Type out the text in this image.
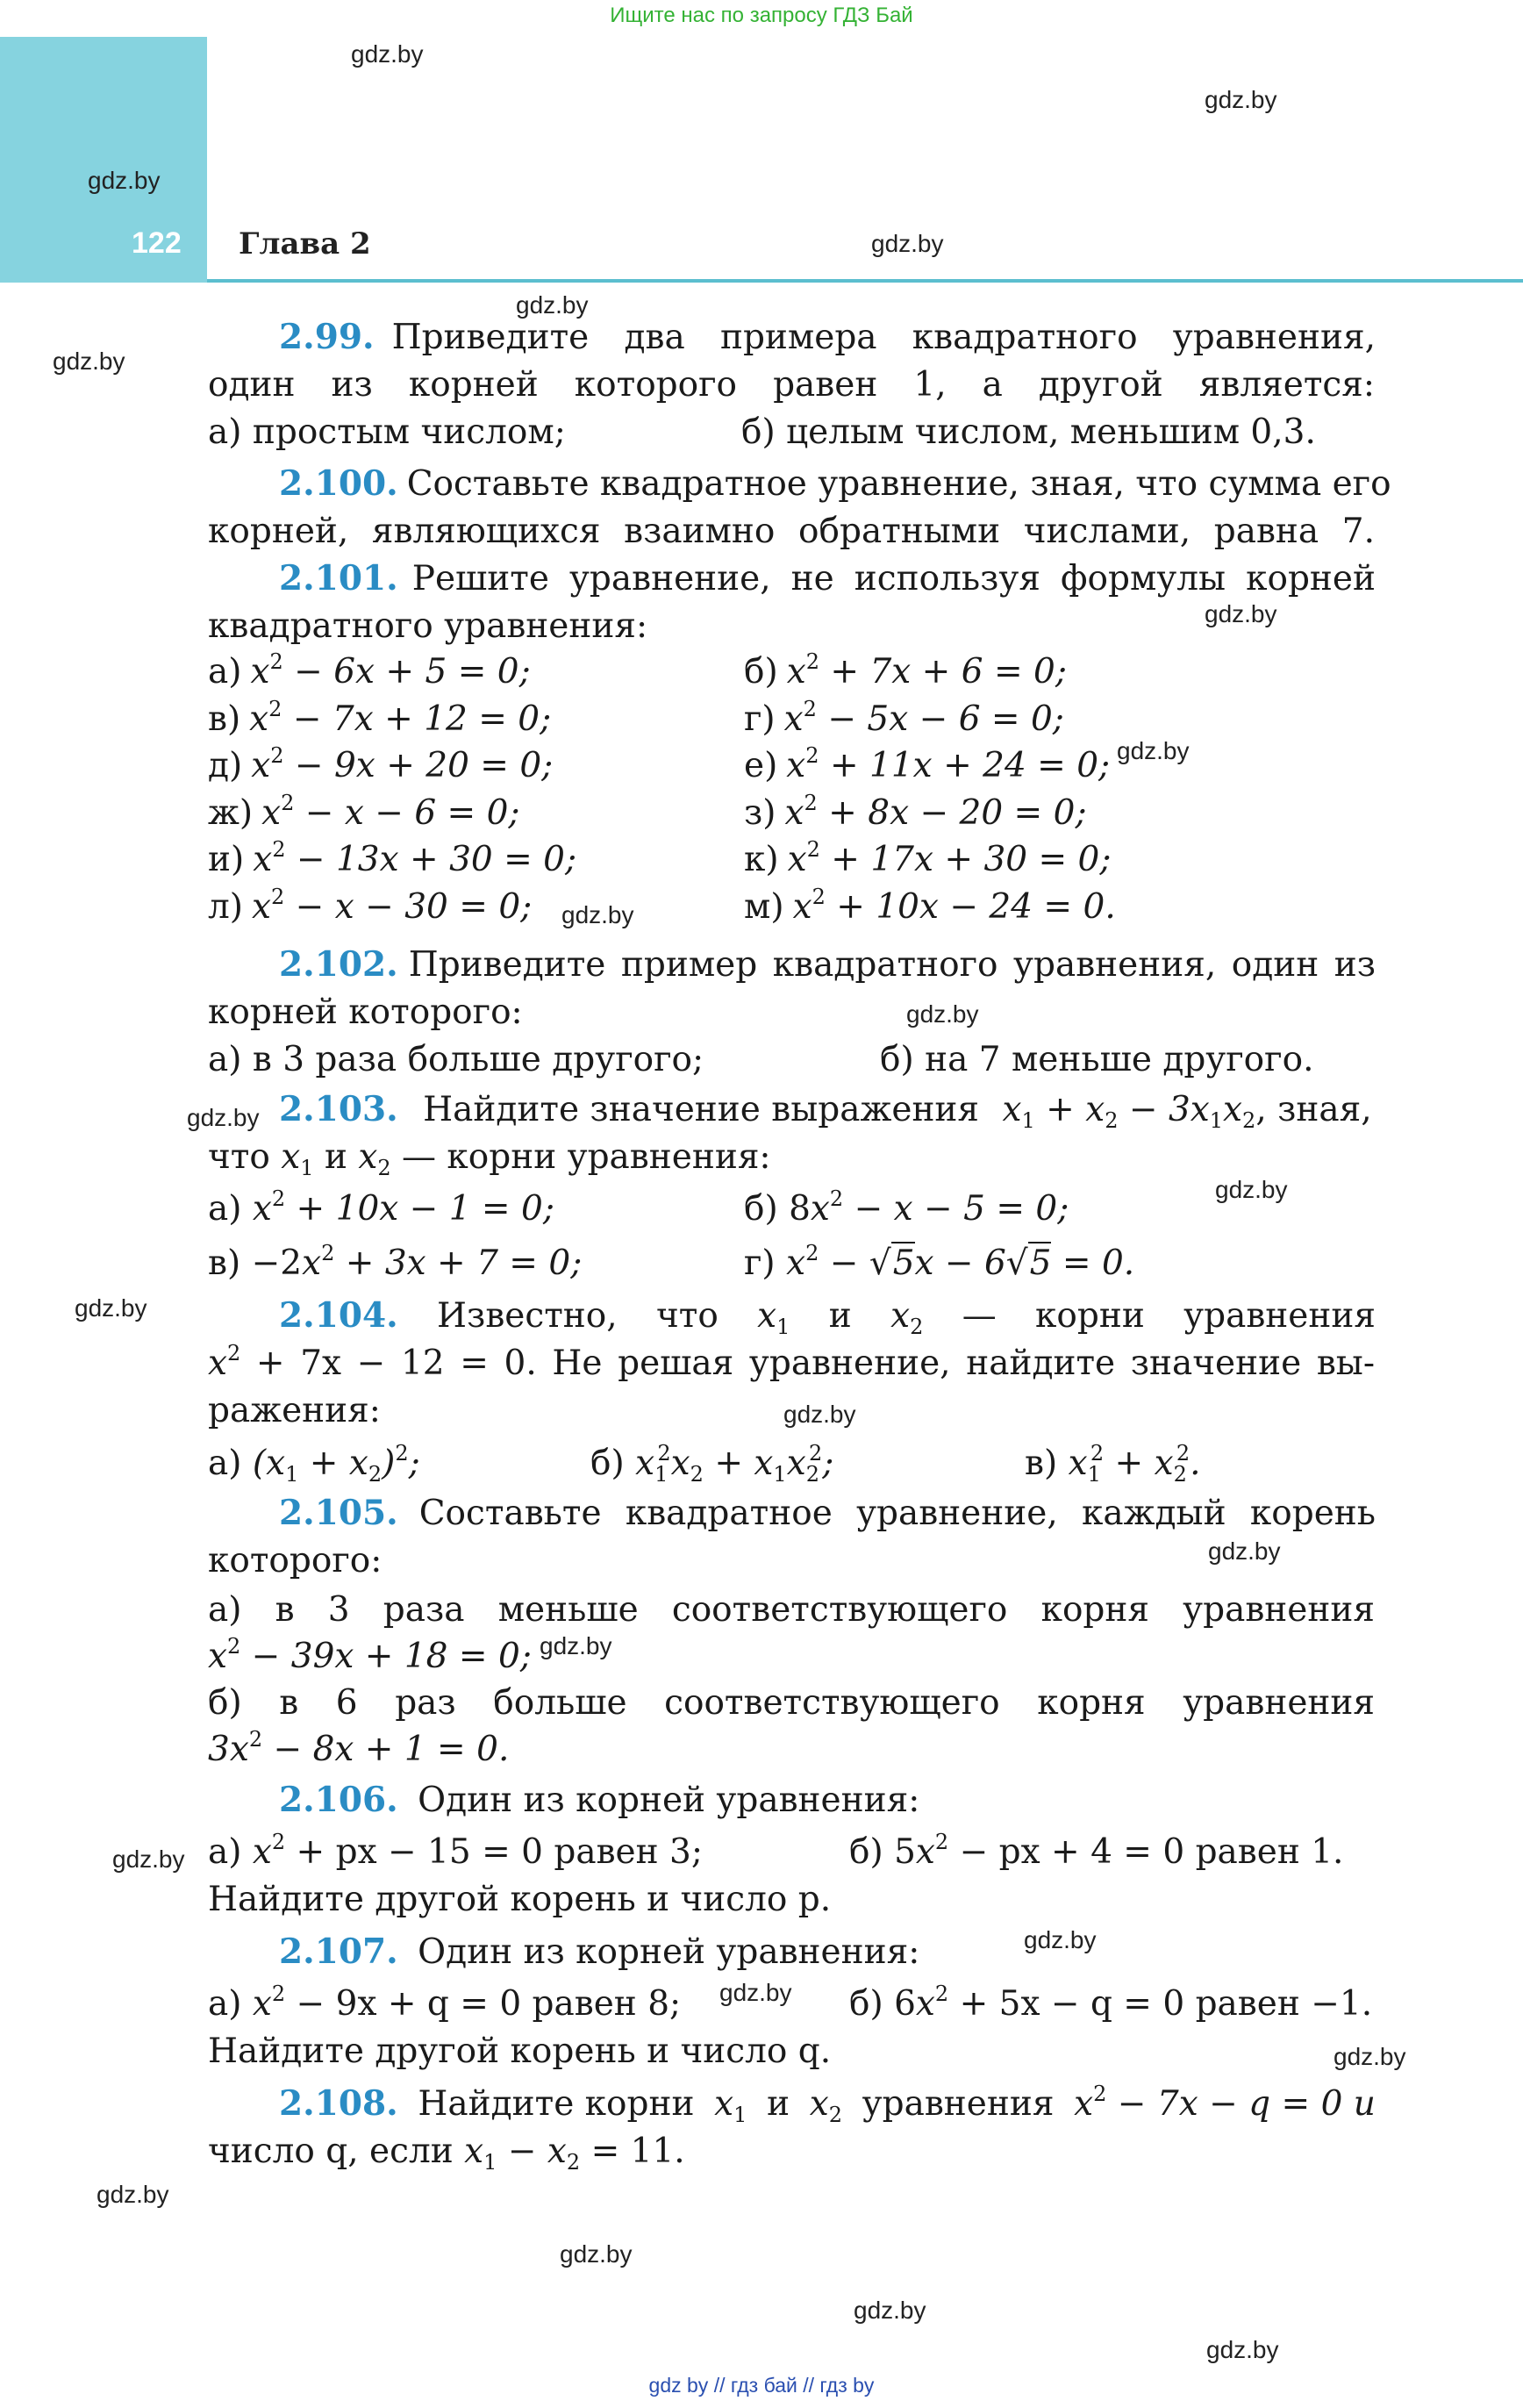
Ищите нас по запросу ГДЗ Бай
122 Глава 2
gdz.by
gdz.by
gdz.by
gdz.by
gdz.by
gdz.by
gdz.by
gdz.by
gdz.by
gdz.by
gdz.by
gdz.by
gdz.by
gdz.by
gdz.by
gdz.by
gdz.by
gdz.by
gdz.by
gdz.by
gdz.by
gdz.by
gdz.by
gdz.by
2.99. Приведите два примера квадратного уравнения,
один из корней которого равен 1, а другой является:
а) простым числом;	б) целым числом, меньшим 0,3.
2.100. Составьте квадратное уравнение, зная, что сумма его
корней, являющихся взаимно обратными числами, равна 7.
2.101. Решите уравнение, не используя формулы корней
квадратного уравнения:
а) $x^2 - 6x + 5 = 0$;	б) $x^2 + 7x + 6 = 0$;
в) $x^2 - 7x + 12 = 0$;	г) $x^2 - 5x - 6 = 0$;
д) $x^2 - 9x + 20 = 0$;	е) $x^2 + 11x + 24 = 0$;
ж) $x^2 - x - 6 = 0$;	з) $x^2 + 8x - 20 = 0$;
и) $x^2 - 13x + 30 = 0$;	к) $x^2 + 17x + 30 = 0$;
л) $x^2 - x - 30 = 0$;	м) $x^2 + 10x - 24 = 0$.
2.102. Приведите пример квадратного уравнения, один из
корней которого:
а) в 3 раза больше другого;	б) на 7 меньше другого.
2.103. Найдите значение выражения $x_1 + x_2 - 3x_1x_2$, зная,
что $x_1$ и $x_2$ — корни уравнения:
а) $x^2 + 10x - 1 = 0$;	б) $8x^2 - x - 5 = 0$;
$в) -2x^2 + 3x + 7 = 0$;	г) $x^2 - √5x - 6√5 = 0$.
2.104. Известно, что $x_1$ и $x_2$ — корни уравнения
$x^2 + 7x - 12 = 0$. Не решая уравнение, найдите значение вы-
ражения:
а) $(x_1 + x_2)^2$;	б) $x_1^2x_2 + x_1x_2^2$;	в) $x_1^2 + x_2^2$.
2.105. Составьте квадратное уравнение, каждый корень
которого:
а) в 3 раза меньше соответствующего корня уравнения
$x^2 - 39x + 18 = 0$;
б) в 6 раз больше соответствующего корня уравнения
$3x^2 - 8x + 1 = 0$.
2.106. Один из корней уравнения:
а) $x^2$ + px − 15 = 0 равен 3;	б) $5x^2$ − px + 4 = 0 равен 1.
Найдите другой корень и число p.
2.107. Один из корней уравнения:
а) $x^2 - 9x + q = 0$ равен 8;	б) $6x^2 + 5x - q = 0$ равен −1.
Найдите другой корень и число q.
2.108. Найдите корни $x_1$ и $x_2$ уравнения $x^2 - 7x - q = 0$ и
число q, если $x_1 - x_2 = 11$.
gdz by // гдз бай // гдз by
